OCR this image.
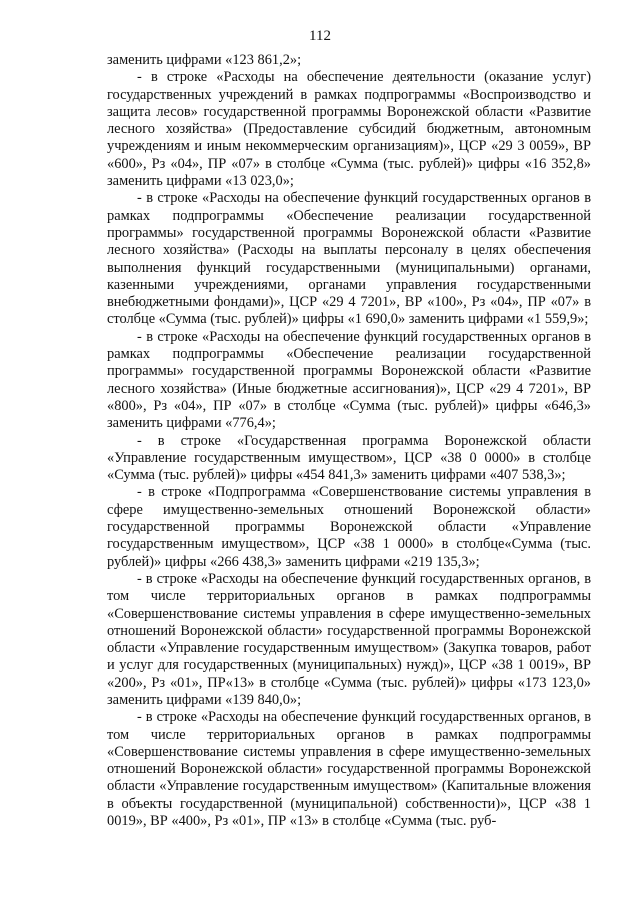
112

заменить цифрами «123 861,2»;

- в строке «Расходы на обеспечение деятельности (оказание услуг) государственных учреждений в рамках подпрограммы «Воспроизводство и защита лесов» государственной программы Воронежской области «Развитие лесного хозяйства» (Предоставление субсидий бюджетным, автономным учреждениям и иным некоммерческим организациям)», ЦСР «29 3 0059», ВР «600», Рз «04», ПР «07» в столбце «Сумма (тыс. рублей)» цифры «16 352,8» заменить цифрами «13 023,0»;

- в строке «Расходы на обеспечение функций государственных органов в рамках подпрограммы «Обеспечение реализации государственной программы» государственной программы Воронежской области «Развитие лесного хозяйства» (Расходы на выплаты персоналу в целях обеспечения выполнения функций государственными (муниципальными) органами, казенными учреждениями, органами управления государственными внебюджетными фондами)», ЦСР «29 4 7201», ВР «100», Рз «04», ПР «07» в столбце «Сумма (тыс. рублей)» цифры «1 690,0» заменить цифрами «1 559,9»;

- в строке «Расходы на обеспечение функций государственных органов в рамках подпрограммы «Обеспечение реализации государственной программы» государственной программы Воронежской области «Развитие лесного хозяйства» (Иные бюджетные ассигнования)», ЦСР «29 4 7201», ВР «800», Рз «04», ПР «07» в столбце «Сумма (тыс. рублей)» цифры «646,3» заменить цифрами «776,4»;

- в строке «Государственная программа Воронежской области «Управление государственным имуществом», ЦСР «38 0 0000» в столбце «Сумма (тыс. рублей)» цифры «454 841,3» заменить цифрами «407 538,3»;

- в строке «Подпрограмма «Совершенствование системы управления в сфере имущественно-земельных отношений Воронежской области» государственной программы Воронежской области «Управление государственным имуществом», ЦСР «38 1 0000» в столбце«Сумма (тыс. рублей)» цифры «266 438,3» заменить цифрами «219 135,3»;

- в строке «Расходы на обеспечение функций государственных органов, в том числе территориальных органов в рамках подпрограммы «Совершенствование системы управления в сфере имущественно-земельных отношений Воронежской области» государственной программы Воронежской области «Управление государственным имуществом» (Закупка товаров, работ и услуг для государственных (муниципальных) нужд)», ЦСР «38 1 0019», ВР «200», Рз «01», ПР«13» в столбце «Сумма (тыс. рублей)» цифры «173 123,0» заменить цифрами «139 840,0»;

- в строке «Расходы на обеспечение функций государственных органов, в том числе территориальных органов в рамках подпрограммы «Совершенствование системы управления в сфере имущественно-земельных отношений Воронежской области» государственной программы Воронежской области «Управление государственным имуществом» (Капитальные вложения в объекты государственной (муниципальной) собственности)», ЦСР «38 1 0019», ВР «400», Рз «01», ПР «13» в столбце «Сумма (тыс. руб-
